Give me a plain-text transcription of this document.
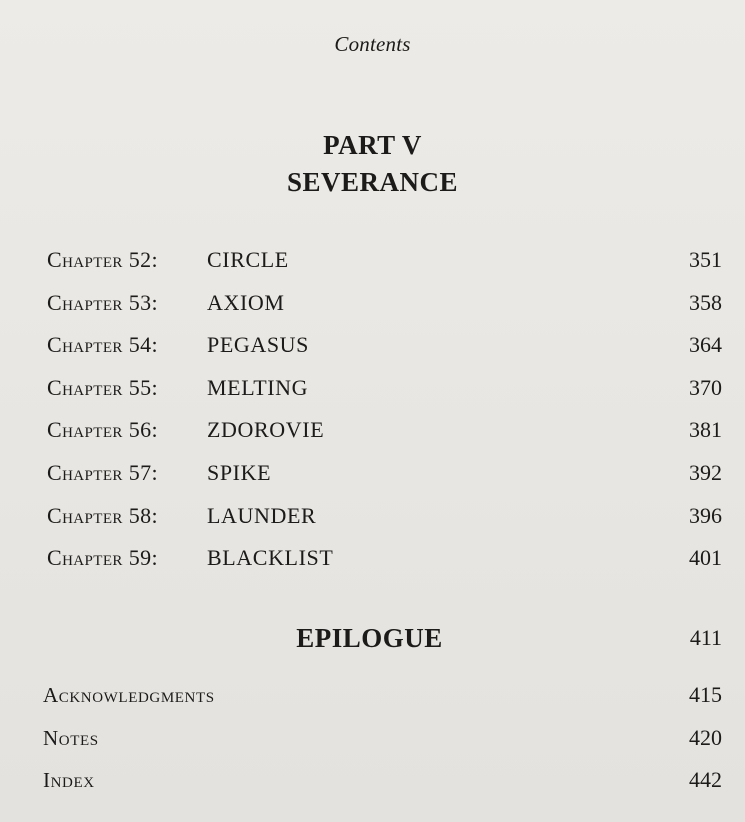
Contents
PART V
SEVERANCE
Chapter 52: CIRCLE	351
Chapter 53: AXIOM	358
Chapter 54: PEGASUS	364
Chapter 55: MELTING	370
Chapter 56: ZDOROVIE	381
Chapter 57: SPIKE	392
Chapter 58: LAUNDER	396
Chapter 59: BLACKLIST	401
EPILOGUE	411
Acknowledgments	415
Notes	420
Index	442
